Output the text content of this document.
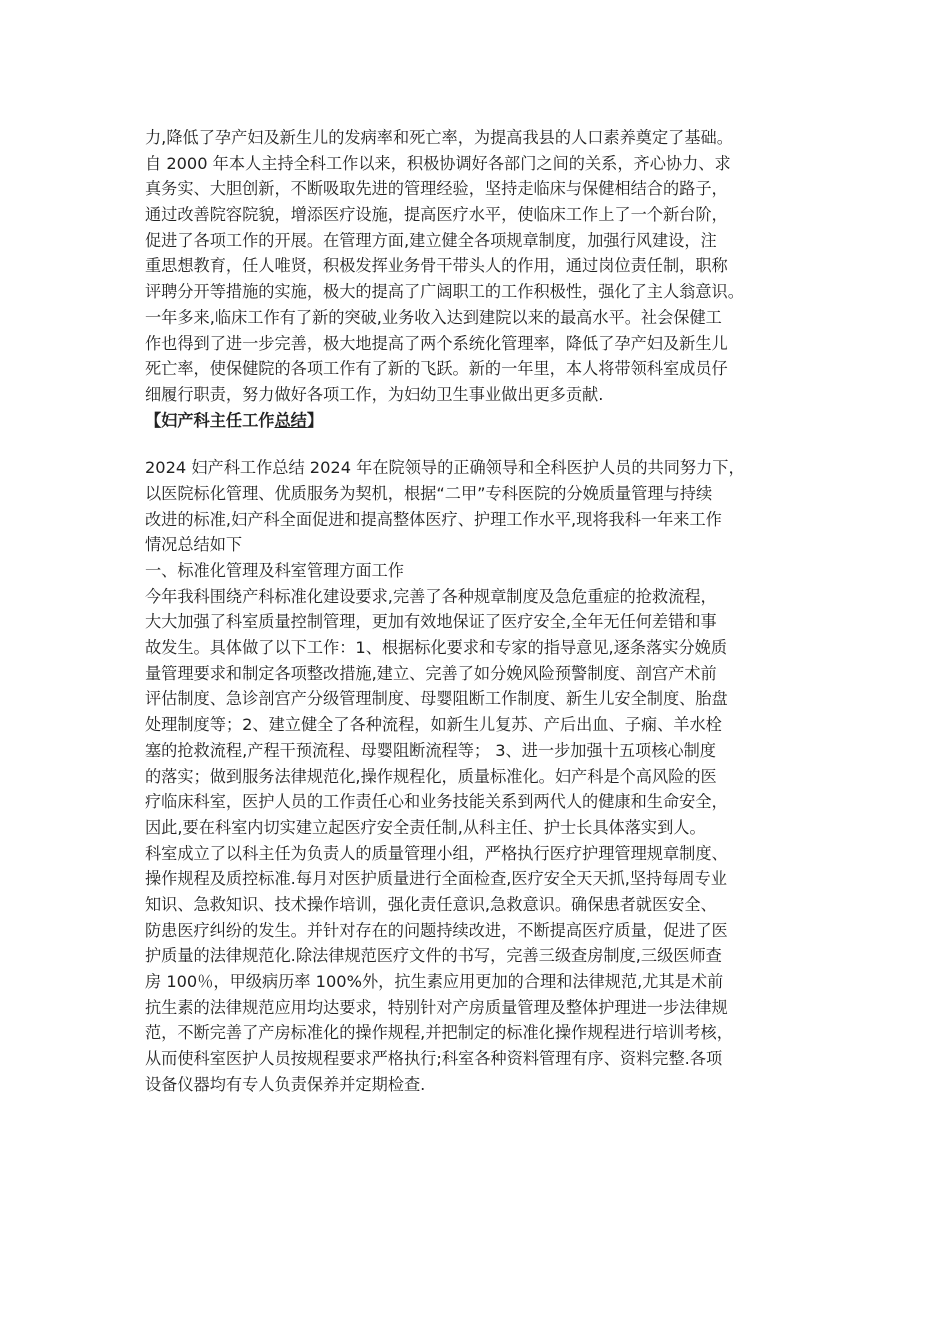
力,降低了孕产妇及新生儿的发病率和死亡率，为提高我县的人口素养奠定了基础。
自 2000 年本人主持全科工作以来，积极协调好各部门之间的关系，齐心协力、求
真务实、大胆创新，不断吸取先进的管理经验，坚持走临床与保健相结合的路子，
通过改善院容院貌，增添医疗设施，提高医疗水平，使临床工作上了一个新台阶，
促进了各项工作的开展。在管理方面,建立健全各项规章制度，加强行风建设，注
重思想教育，任人唯贤，积极发挥业务骨干带头人的作用，通过岗位责任制，职称
评聘分开等措施的实施，极大的提高了广阔职工的工作积极性，强化了主人翁意识。
一年多来,临床工作有了新的突破,业务收入达到建院以来的最高水平。社会保健工
作也得到了进一步完善，极大地提高了两个系统化管理率，降低了孕产妇及新生儿
死亡率，使保健院的各项工作有了新的飞跃。新的一年里，本人将带领科室成员仔
细履行职责，努力做好各项工作，为妇幼卫生事业做出更多贡献.
【妇产科主任工作总结】
2024 妇产科工作总结 2024 年在院领导的正确领导和全科医护人员的共同努力下，
以医院标化管理、优质服务为契机，根据“二甲”专科医院的分娩质量管理与持续
改进的标准,妇产科全面促进和提高整体医疗、护理工作水平,现将我科一年来工作
情况总结如下
一、标准化管理及科室管理方面工作
今年我科围绕产科标准化建设要求,完善了各种规章制度及急危重症的抢救流程，
大大加强了科室质量控制管理，更加有效地保证了医疗安全,全年无任何差错和事
故发生。具体做了以下工作：1、根据标化要求和专家的指导意见,逐条落实分娩质
量管理要求和制定各项整改措施,建立、完善了如分娩风险预警制度、剖宫产术前
评估制度、急诊剖宫产分级管理制度、母婴阻断工作制度、新生儿安全制度、胎盘
处理制度等；2、建立健全了各种流程，如新生儿复苏、产后出血、子痫、羊水栓
塞的抢救流程,产程干预流程、母婴阻断流程等； 3、进一步加强十五项核心制度
的落实；做到服务法律规范化,操作规程化，质量标准化。妇产科是个高风险的医
疗临床科室，医护人员的工作责任心和业务技能关系到两代人的健康和生命安全，
因此,要在科室内切实建立起医疗安全责任制,从科主任、护士长具体落实到人。
科室成立了以科主任为负责人的质量管理小组，严格执行医疗护理管理规章制度、
操作规程及质控标准.每月对医护质量进行全面检查,医疗安全天天抓,坚持每周专业
知识、急救知识、技术操作培训，强化责任意识,急救意识。确保患者就医安全、
防患医疗纠纷的发生。并针对存在的问题持续改进，不断提高医疗质量，促进了医
护质量的法律规范化.除法律规范医疗文件的书写，完善三级查房制度,三级医师查
房 100％，甲级病历率 100%外，抗生素应用更加的合理和法律规范,尤其是术前
抗生素的法律规范应用均达要求，特别针对产房质量管理及整体护理进一步法律规
范，不断完善了产房标准化的操作规程,并把制定的标准化操作规程进行培训考核，
从而使科室医护人员按规程要求严格执行;科室各种资料管理有序、资料完整.各项
设备仪器均有专人负责保养并定期检查.
